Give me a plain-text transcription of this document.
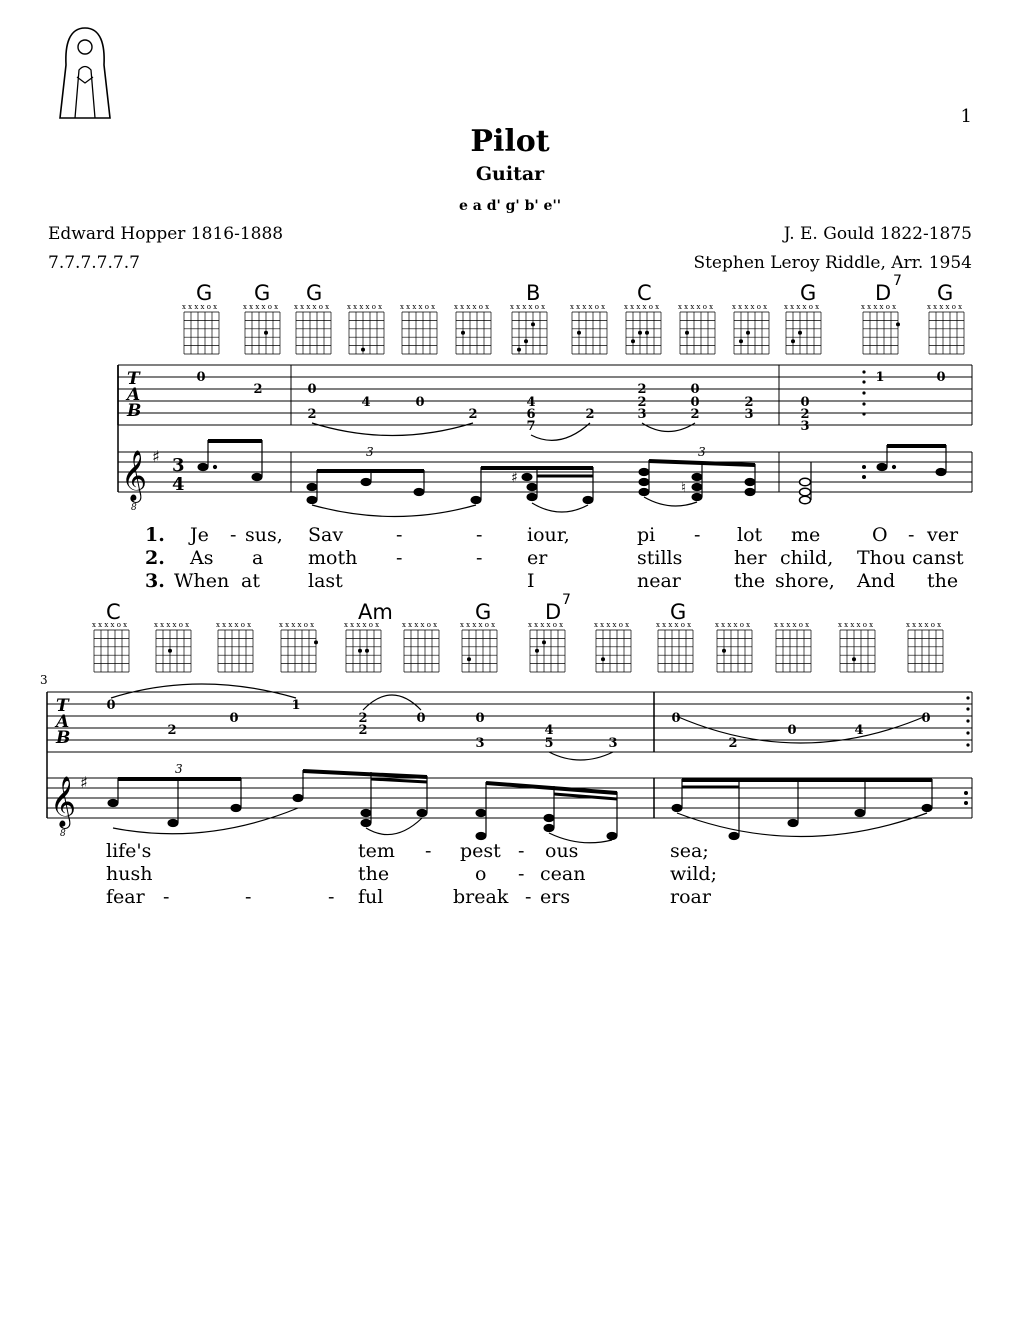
1
Pilot
Guitar
e a d' g' b' e''
Edward Hopper 1816-1888
7.7.7.7.7.7
J. E. Gould 1822-1875
Stephen Leroy Riddle, Arr. 1954
G G G	B	C	G	D 7 G
x x x x o x	x x x x o x x x x x o x	x x x x o x	x x x x o x	x x x x o x	x x x x o x	x x x x o x	x x x x o x	x x x x o x	x x x x o x x x x x o x	x x x x o x	x x x x o x
T
A
B
𝄞
8
♯ 3
4
0
2	0
2
4	0
2
4
6
7
2
2
2
3
0
0
2
2
3
0
2
3
1	0
3
♯
♮
3
1. Je - sus, Sav	-	- iour,	pi - lot me	O - ver
2. As a moth -	- er	stills	her child, Thou canst
3. When at	last	I	near	the shore, And the
C	Am	G	D 7	G
x x x x o x	x x x x o x	x x x x o x	x x x x o x	x x x x o x	x x x x o x	x x x x o x	x x x x o x	x x x x o x	x x x x o x	x x x x o x	x x x x o x	x x x x o x	x x x x o x
3
T
A
B
𝄞
8
♯
0
2
0
1
2
2
0	0
3
4
5	3
0
2
0	4
0
3
life's	tem - pest - ous	sea;
hush	the	o - cean	wild;
fear -	-	- ful	break - ers	roar
